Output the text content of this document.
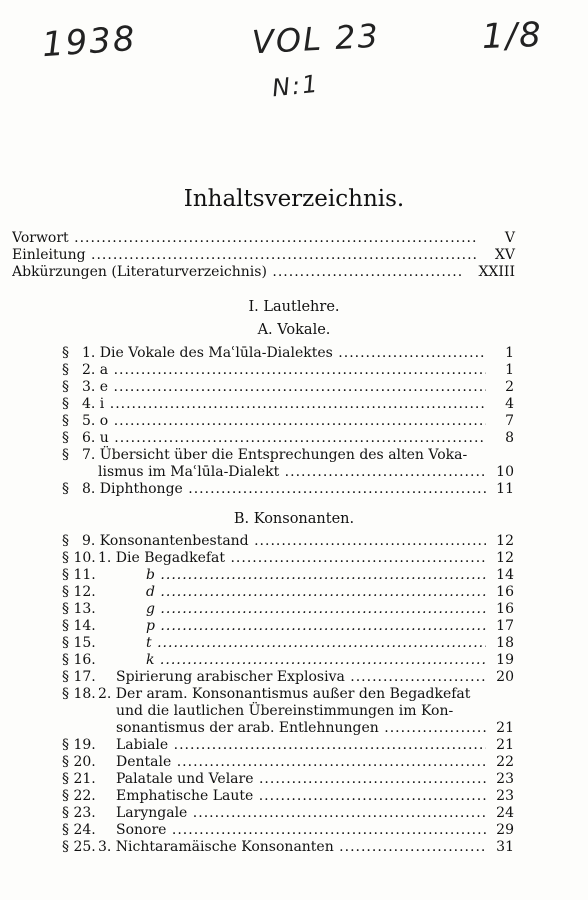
1938	VOL 23
N:1
1/8
Inhaltsverzeichnis.
Vorwort .....	V
Einleitung .....	XV
Abkürzungen (Literaturverzeichnis) .....	XXIII
I. Lautlehre.
A. Vokale.
§ 1. Die Vokale des Maʿlūla-Dialektes .....	1
§ 2. a .....	1
§ 3. e .....	2
§ 4. i .....	4
§ 5. o .....	7
§ 6. u .....	8
§ 7. Übersicht über die Entsprechungen des alten Voka-
lismus im Maʿlūla-Dialekt .....	10
§ 8. Diphthonge .....	11
B. Konsonanten.
§ 9. Konsonantenbestand .....	12
§ 10. 1. Die Begadkefat .....	12
§ 11.	b .....	14
§ 12.	d .....	16
§ 13.	g .....	16
§ 14.	p .....	17
§ 15.	t .....	18
§ 16.	k .....	19
§ 17. Spirierung arabischer Explosiva .....	20
§ 18. 2. Der aram. Konsonantismus außer den Begadkefat
und die lautlichen Übereinstimmungen im Kon-
sonantismus der arab. Entlehnungen .....	21
§ 19. Labiale .....	21
§ 20. Dentale .....	22
§ 21. Palatale und Velare .....	23
§ 22. Emphatische Laute .....	23
§ 23. Laryngale .....	24
§ 24. Sonore .....	29
§ 25. 3. Nichtaramäische Konsonanten .....	31
